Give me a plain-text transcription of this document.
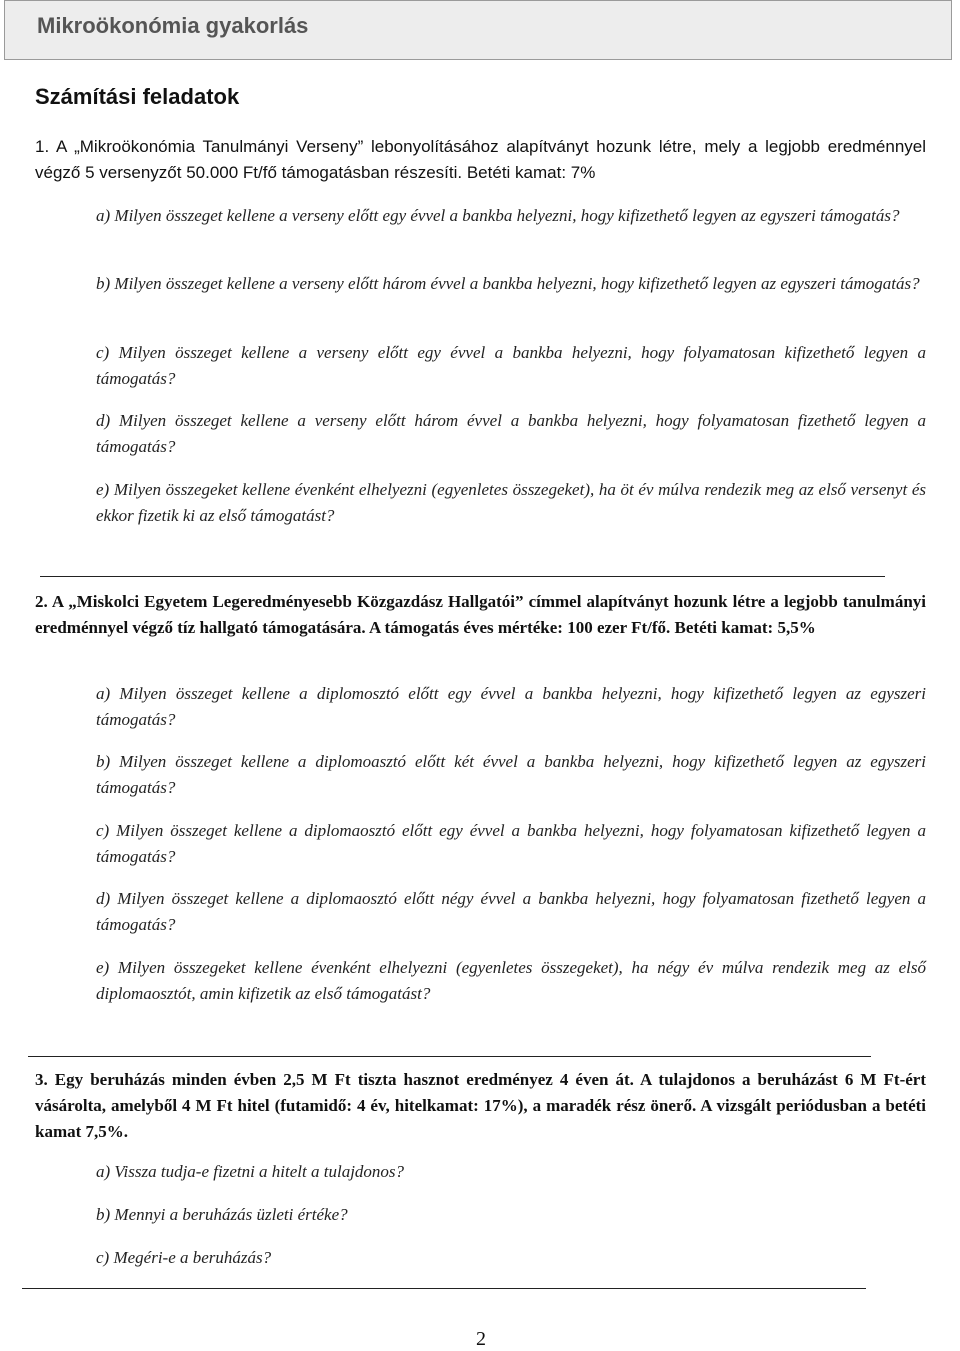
Mikroökonómia gyakorlás
Számítási feladatok
1. A „Mikroökonómia Tanulmányi Verseny” lebonyolításához alapítványt hozunk létre, mely a legjobb eredménnyel végző 5 versenyzőt 50.000 Ft/fő támogatásban részesíti. Betéti kamat: 7%
a) Milyen összeget kellene a verseny előtt egy évvel a bankba helyezni, hogy kifizethető legyen az egyszeri támogatás?
b) Milyen összeget kellene a verseny előtt három évvel a bankba helyezni, hogy kifizethető legyen az egyszeri támogatás?
c) Milyen összeget kellene a verseny előtt egy évvel a bankba helyezni, hogy folyamatosan kifizethető legyen a támogatás?
d) Milyen összeget kellene a verseny előtt három évvel a bankba helyezni, hogy folyamatosan fizethető legyen a támogatás?
e) Milyen összegeket kellene évenként elhelyezni (egyenletes összegeket), ha öt év múlva rendezik meg az első versenyt és ekkor fizetik ki az első támogatást?
2. A „Miskolci Egyetem Legeredményesebb Közgazdász Hallgatói” címmel alapítványt hozunk létre a legjobb tanulmányi eredménnyel végző tíz hallgató támogatására. A támogatás éves mértéke: 100 ezer Ft/fő. Betéti kamat: 5,5%
a) Milyen összeget kellene a diplomosztó előtt egy évvel a bankba helyezni, hogy kifizethető legyen az egyszeri támogatás?
b) Milyen összeget kellene a diplomoasztó előtt két évvel a bankba helyezni, hogy kifizethető legyen az egyszeri támogatás?
c) Milyen összeget kellene a diplomaosztó előtt egy évvel a bankba helyezni, hogy folyamatosan kifizethető legyen a támogatás?
d) Milyen összeget kellene a diplomaosztó előtt négy évvel a bankba helyezni, hogy folyamatosan fizethető legyen a támogatás?
e) Milyen összegeket kellene évenként elhelyezni (egyenletes összegeket), ha négy év múlva rendezik meg az első diplomaosztót, amin kifizetik az első támogatást?
3. Egy beruházás minden évben 2,5 M Ft tiszta hasznot eredményez 4 éven át. A tulajdonos a beruházást 6 M Ft-ért vásárolta, amelyből 4 M Ft hitel (futamidő: 4 év, hitelkamat: 17%), a maradék rész önerő. A vizsgált periódusban a betéti kamat 7,5%.
a) Vissza tudja-e fizetni a hitelt a tulajdonos?
b) Mennyi a beruházás üzleti értéke?
c) Megéri-e a beruházás?
2
